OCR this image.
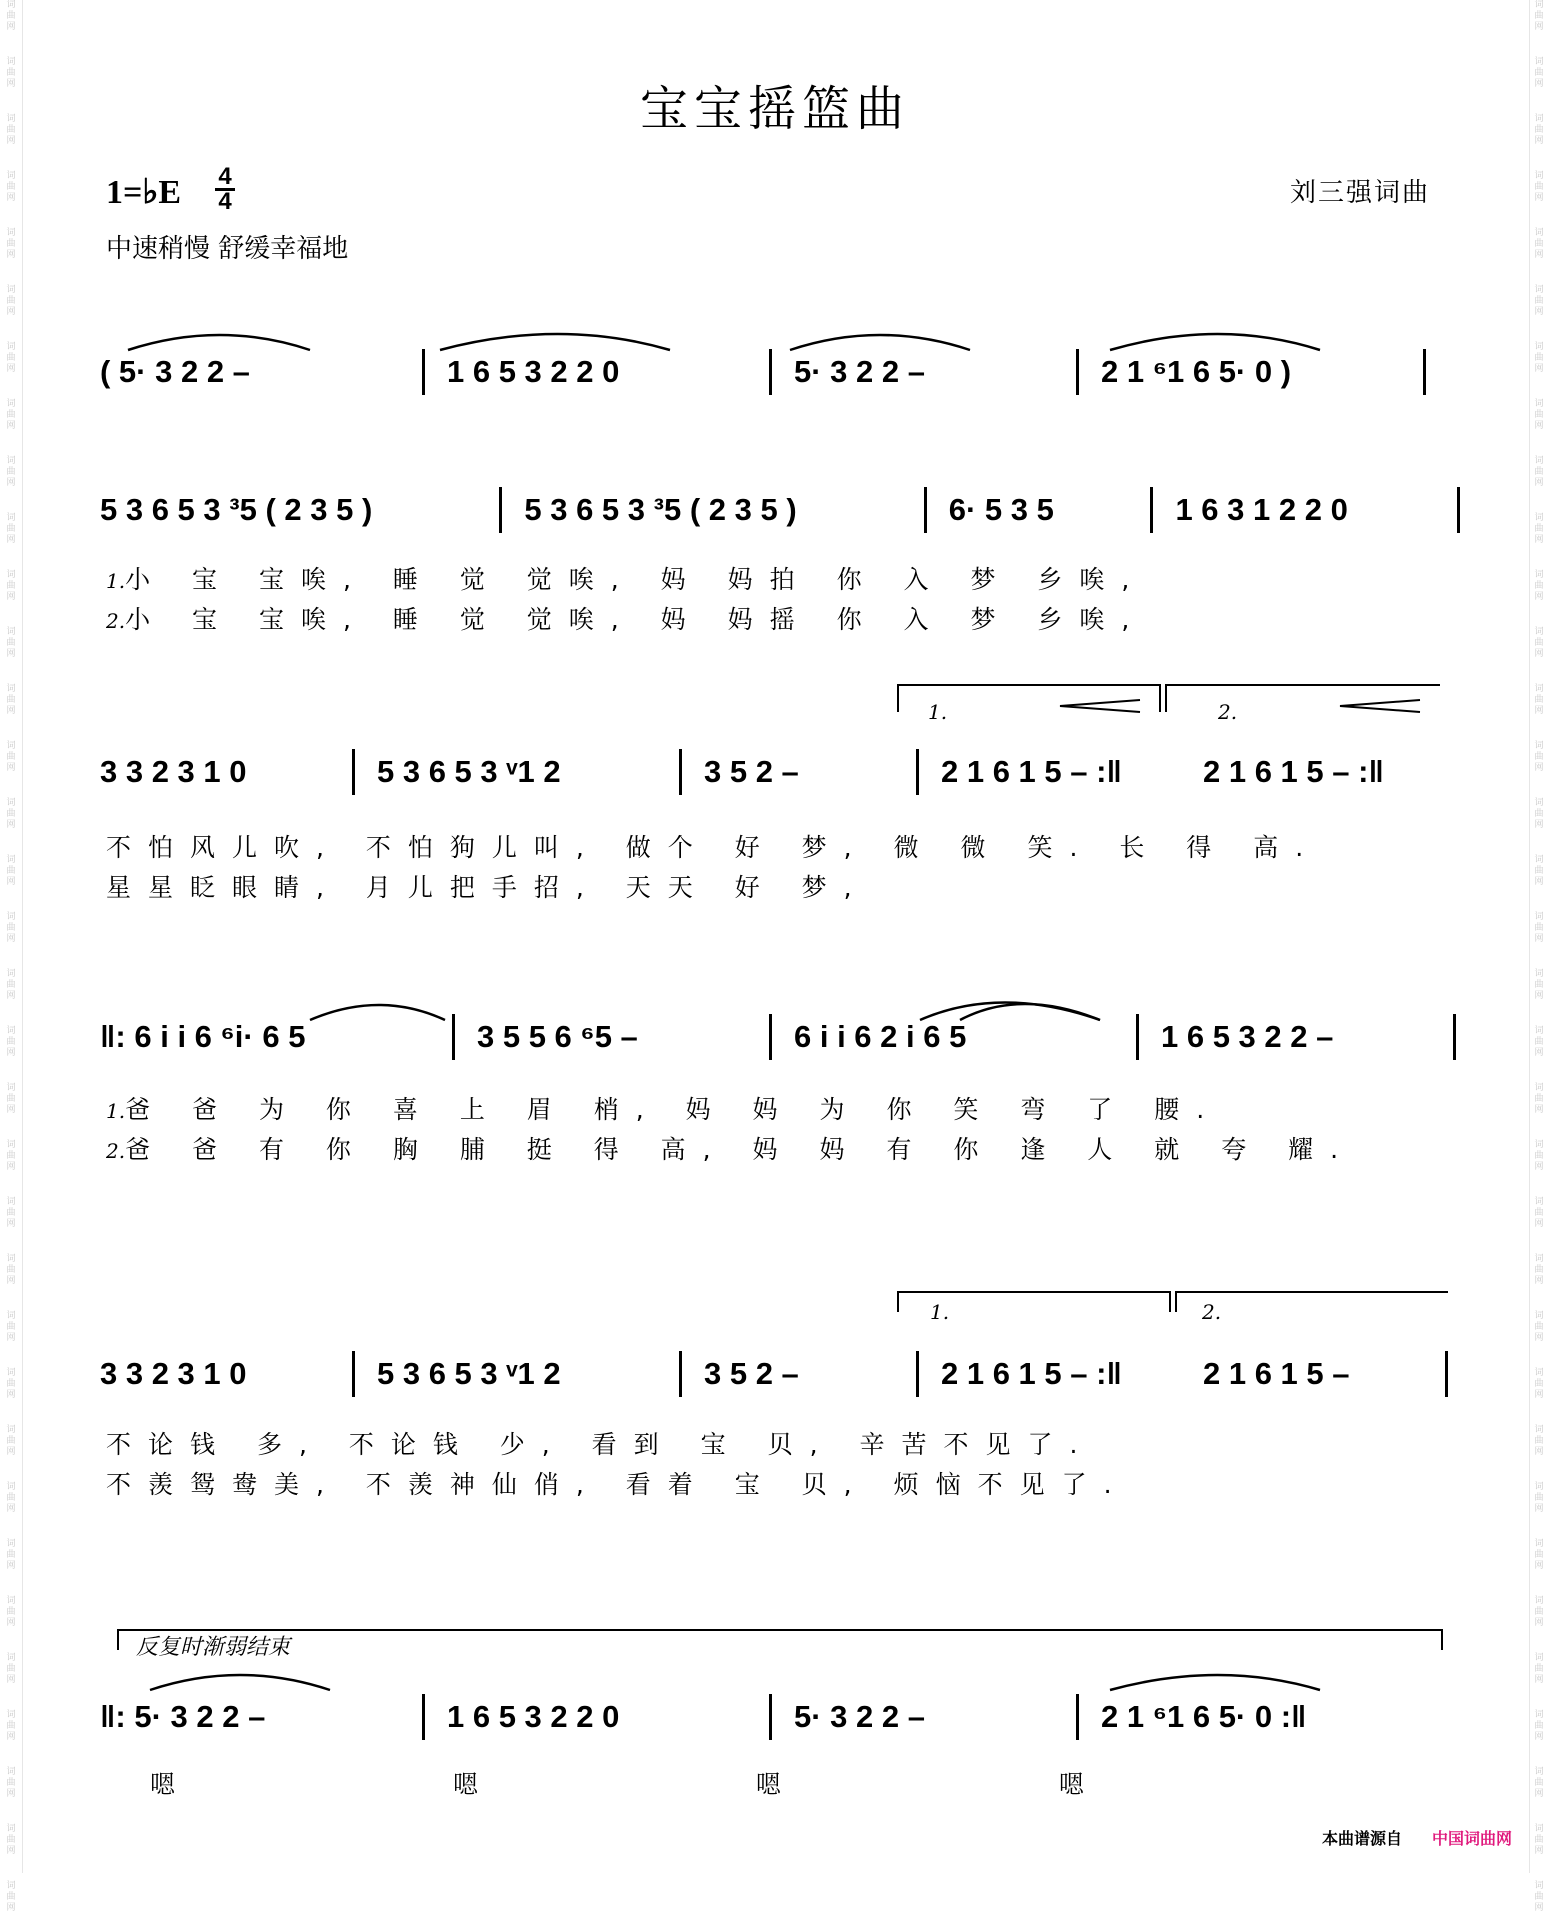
词
曲
网
词
曲
网
词
曲
网
词
曲
网
词
曲
网
词
曲
网
词
曲
网
词
曲
网
词
曲
网
词
曲
网
词
曲
网
词
曲
网
词
曲
网
词
曲
网
词
曲
网
词
曲
网
词
曲
网
词
曲
网
词
曲
网
词
曲
网
词
曲
网
词
曲
网
词
曲
网
词
曲
网
词
曲
网
词
曲
网
词
曲
网
词
曲
网
词
曲
网
词
曲
网
词
曲
网
词
曲
网
词
曲
网
词
曲
网
词
曲
网
词
曲
网
词
曲
网
词
曲
网
词
曲
网
词
曲
网
词
曲
网
词
曲
网
词
曲
网
词
曲
网
词
曲
网
词
曲
网
词
曲
网
词
曲
网
词
曲
网
词
曲
网
词
曲
网
词
曲
网
词
曲
网
词
曲
网
词
曲
网
词
曲
网
词
曲
网
词
曲
网
词
曲
网
词
曲
网
词
曲
网
词
曲
网
词
曲
网
词
曲
网
词
曲
网
词
曲
网
词
曲
网
词
曲
网
宝宝摇篮曲
1=♭E 4
4
中速稍慢 舒缓幸福地
刘三强词曲
( 5· 3 2 2 –	1 6 5 3 2 2 0	5· 3 2 2 –	2 1 ⁶1 6 5· 0 )
5 3 6 5 3 ³5 ( 2 3 5 )	5 3 6 5 3 ³5 ( 2 3 5 )	6· 5 3 5	1 6 3 1 2 2 0
1.小 宝 宝唉, 睡 觉 觉唉, 妈 妈拍 你 入 梦 乡唉,
2.小 宝 宝唉, 睡 觉 觉唉, 妈 妈摇 你 入 梦 乡唉,
1.	2.
3 3 2 3 1 0	5 3 6 5 3 ᵛ1 2	3 5 2 –	2 1 6 1 5 – :‖	2 1 6 1 5 – :‖
不怕风儿吹, 不怕狗儿叫, 做个 好 梦, 微 微 笑. 长 得 高.
星星眨眼睛, 月儿把手招, 天天 好 梦,
‖: 6 i i 6 ⁶i· 6 5	3 5 5 6 ⁶5 –	6 i i 6 2 i 6 5	1 6 5 3 2 2 –
1.爸 爸 为 你 喜 上 眉 梢, 妈 妈 为 你 笑 弯 了 腰.
2.爸 爸 有 你 胸 脯 挺 得 高, 妈 妈 有 你 逢 人 就 夸 耀.
1.	2.
3 3 2 3 1 0	5 3 6 5 3 ᵛ1 2	3 5 2 –	2 1 6 1 5 – :‖	2 1 6 1 5 –
不论钱 多, 不论钱 少, 看到 宝 贝, 辛苦不见了.
不羡鸳鸯美, 不羡神仙俏, 看着 宝 贝, 烦恼不见了.
反复时渐弱结束
‖: 5· 3 2 2 –	1 6 5 3 2 2 0	5· 3 2 2 –	2 1 ⁶1 6 5· 0 :‖
嗯 嗯 嗯 嗯
本曲谱源自 中国词曲网
